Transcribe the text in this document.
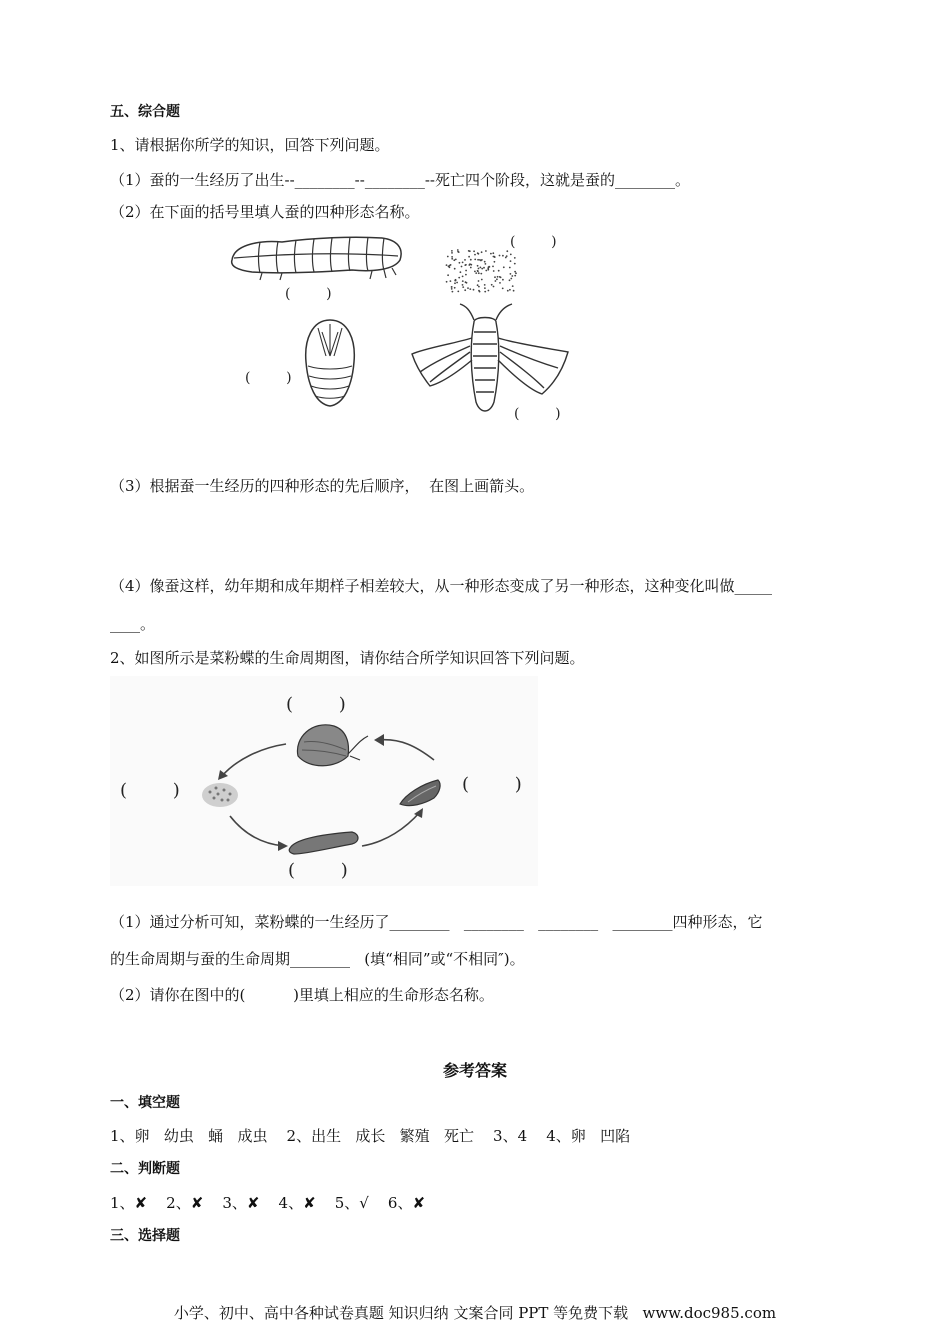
五、综合题
1、请根据你所学的知识，回答下列问题。
（1）蚕的一生经历了出生--________--________--死亡四个阶段，这就是蚕的________。
（2）在下面的括号里填人蚕的四种形态名称。
(        )
(        )
(        )
(        )
（3）根据蚕一生经历的四种形态的先后顺序，  在图上画箭头。
（4）像蚕这样，幼年期和成年期样子相差较大，从一种形态变成了另一种形态，这种变化叫做_____
____。
2、如图所示是菜粉蝶的生命周期图，请你结合所学知识回答下列问题。
(        )
(        )
(        )
(        )
（1）通过分析可知，菜粉蝶的一生经历了________   ________   ________   ________四种形态，它
的生命周期与蚕的生命周期________   (填“相同”或“不相同″)。
（2）请你在图中的(          )里填上相应的生命形态名称。
参考答案
一、填空题
1、卵   幼虫   蛹   成虫    2、出生   成长   繁殖   死亡    3、4    4、卵   凹陷
二、判断题
1、✘    2、✘    3、✘    4、✘    5、√    6、✘
三、选择题
小学、初中、高中各种试卷真题 知识归纳 文案合同 PPT 等免费下载   www.doc985.com
